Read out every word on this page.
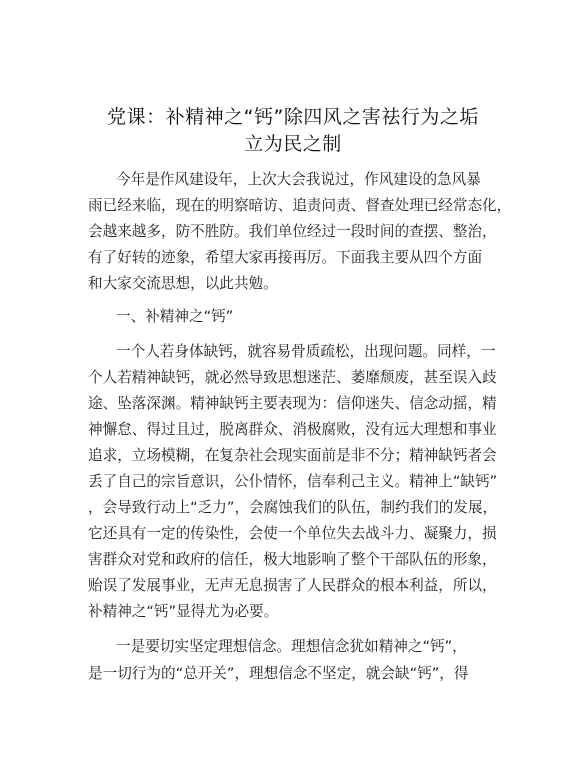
党课：补精神之“钙”除四风之害祛行为之垢
立为民之制
今年是作风建设年，上次大会我说过，作风建设的急风暴
雨已经来临，现在的明察暗访、追责问责、督查处理已经常态化，
会越来越多，防不胜防。我们单位经过一段时间的查摆、整治，
有了好转的迹象，希望大家再接再厉。下面我主要从四个方面
和大家交流思想，以此共勉。
一、补精神之“钙”
一个人若身体缺钙，就容易骨质疏松，出现问题。同样，一
个人若精神缺钙，就必然导致思想迷茫、萎靡颓废，甚至误入歧
途、坠落深渊。精神缺钙主要表现为：信仰迷失、信念动摇，精
神懈怠、得过且过，脱离群众、消极腐败，没有远大理想和事业
追求，立场模糊，在复杂社会现实面前是非不分；精神缺钙者会
丢了自己的宗旨意识，公仆情怀，信奉利己主义。精神上“缺钙”
，会导致行动上“乏力”，会腐蚀我们的队伍，制约我们的发展，
它还具有一定的传染性，会使一个单位失去战斗力、凝聚力，损
害群众对党和政府的信任，极大地影响了整个干部队伍的形象，
贻误了发展事业，无声无息损害了人民群众的根本利益，所以，
补精神之“钙”显得尤为必要。
一是要切实坚定理想信念。理想信念犹如精神之“钙”，
是一切行为的“总开关”，理想信念不坚定，就会缺“钙”，得
